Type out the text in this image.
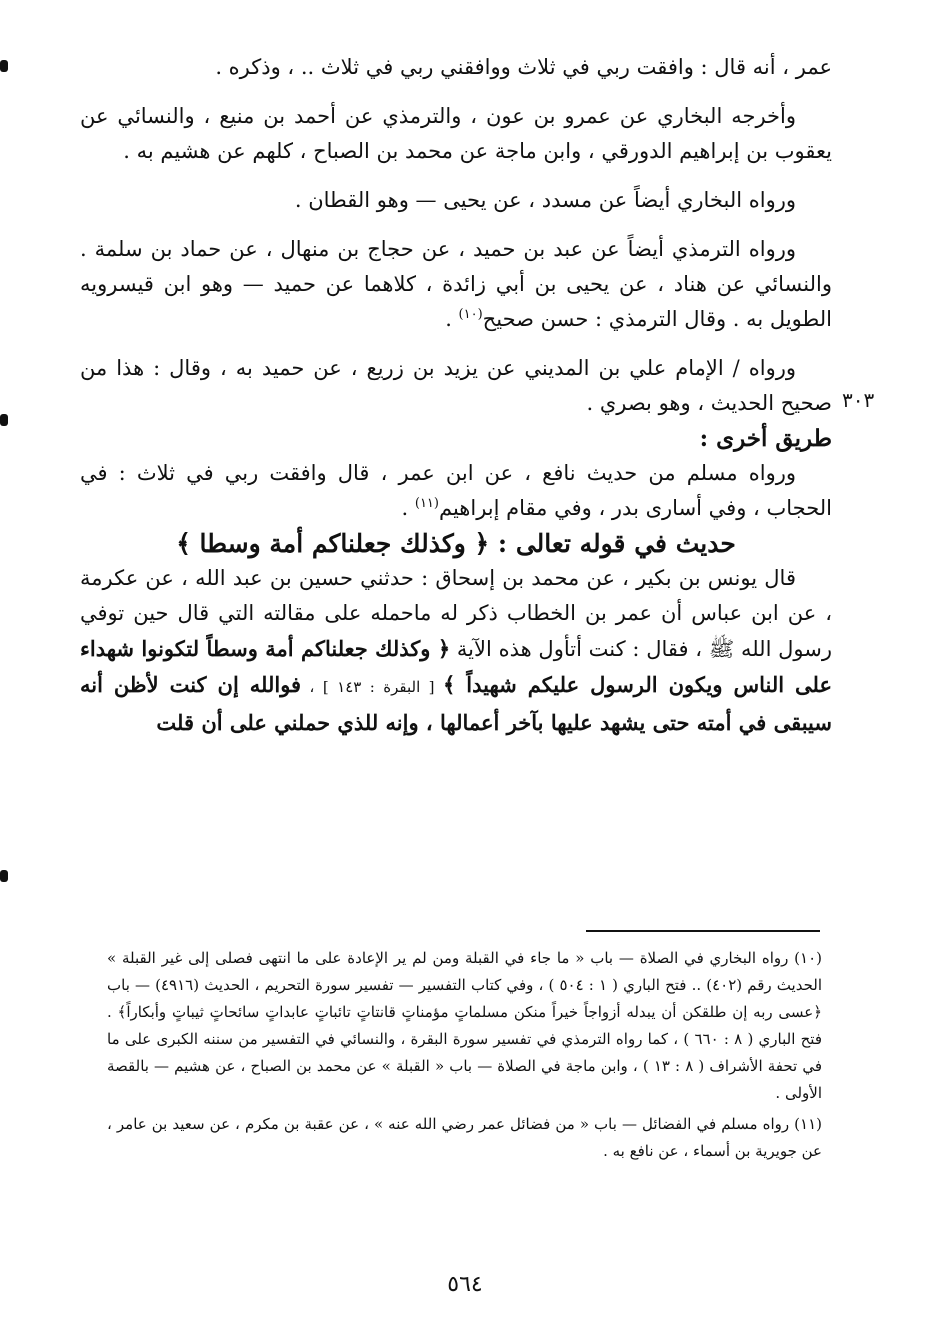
٣٠٣

عمر ، أنه قال : وافقت ربي في ثلاث ووافقني ربي في ثلاث .. ، وذكره .

وأخرجه البخاري عن عمرو بن عون ، والترمذي عن أحمد بن منيع ، والنسائي عن يعقوب بن إبراهيم الدورقي ، وابن ماجة عن محمد بن الصباح ، كلهم عن هشيم به .

ورواه البخاري أيضاً عن مسدد ، عن يحيى — وهو القطان .

ورواه الترمذي أيضاً عن عبد بن حميد ، عن حجاج بن منهال ، عن حماد بن سلمة . والنسائي عن هناد ، عن يحيى بن أبي زائدة ، كلاهما عن حميد — وهو ابن قيسرويه الطويل به . وقال الترمذي : حسن صحيح$^{(١٠)}$ .

ورواه / الإمام علي بن المديني عن يزيد بن زريع ، عن حميد به ، وقال : هذا من صحيح الحديث ، وهو بصري .

طريق أخرى :

ورواه مسلم من حديث نافع ، عن ابن عمر ، قال وافقت ربي في ثلاث : في الحجاب ، وفي أسارى بدر ، وفي مقام إبراهيم$^{(١١)}$ .

حديث في قوله تعالى : ﴿ وكذلك جعلناكم أمة وسطا ﴾

قال يونس بن بكير ، عن محمد بن إسحاق : حدثني حسين بن عبد الله ، عن عكرمة ، عن ابن عباس أن عمر بن الخطاب ذكر له ماحمله على مقالته التي قال حين توفي رسول الله ﷺ ، فقال : كنت أتأول هذه الآية ﴿ وكذلك جعلناكم أمة وسطاً لتكونوا شهداء على الناس ويكون الرسول عليكم شهيداً ﴾ [ البقرة : ١٤٣ ] ، فوالله إن كنت لأظن أنه سيبقى في أمته حتى يشهد عليها بآخر أعمالها ، وإنه للذي حملني على أن قلت

(١٠) رواه البخاري في الصلاة — باب « ما جاء في القبلة ومن لم ير الإعادة على ما انتهى فصلى إلى غير القبلة » الحديث رقم (٤٠٢) .. فتح الباري ( ١ : ٥٠٤ ) ، وفي كتاب التفسير — تفسير سورة التحريم ، الحديث (٤٩١٦) — باب ﴿عسى ربه إن طلقكن أن يبدله أزواجاً خيراً منكن مسلماتٍ مؤمناتٍ قانتاتٍ تائباتٍ عابداتٍ سائحاتٍ ثيباتٍ وأبكاراً﴾ . فتح الباري ( ٨ : ٦٦٠ ) ، كما رواه الترمذي في تفسير سورة البقرة ، والنسائي في التفسير من سننه الكبرى على ما في تحفة الأشراف ( ٨ : ١٣ ) ، وابن ماجة في الصلاة — باب « القبلة » عن محمد بن الصباح ، عن هشيم — بالقصة الأولى .

(١١) رواه مسلم في الفضائل — باب « من فضائل عمر رضي الله عنه » ، عن عقبة بن مكرم ، عن سعيد بن عامر ، عن جويرية بن أسماء ، عن نافع به .

٥٦٤
